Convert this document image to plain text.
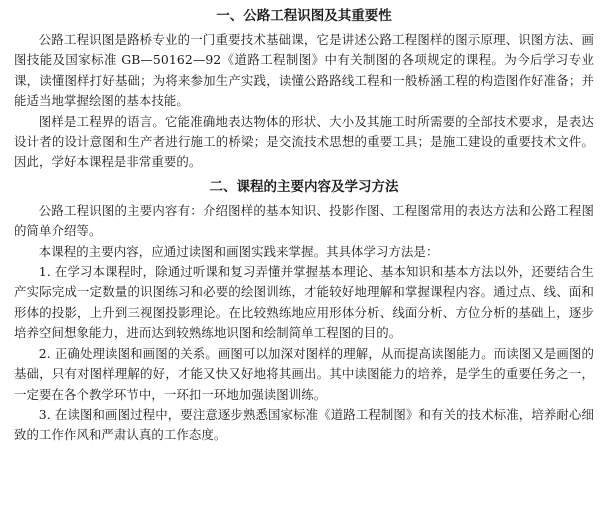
一、公路工程识图及其重要性

公路工程识图是路桥专业的一门重要技术基础课，它是讲述公路工程图样的图示原理、识图方法、画图技能及国家标准 GB—50162—92《道路工程制图》中有关制图的各项规定的课程。为今后学习专业课，读懂图样打好基础；为将来参加生产实践，读懂公路路线工程和一般桥涵工程的构造图作好准备；并能适当地掌握绘图的基本技能。

图样是工程界的语言。它能准确地表达物体的形状、大小及其施工时所需要的全部技术要求，是表达设计者的设计意图和生产者进行施工的桥梁；是交流技术思想的重要工具；是施工建设的重要技术文件。因此，学好本课程是非常重要的。

二、课程的主要内容及学习方法

公路工程识图的主要内容有：介绍图样的基本知识、投影作图、工程图常用的表达方法和公路工程图的简单介绍等。

本课程的主要内容，应通过读图和画图实践来掌握。其具体学习方法是：

1. 在学习本课程时，除通过听课和复习弄懂并掌握基本理论、基本知识和基本方法以外，还要结合生产实际完成一定数量的识图练习和必要的绘图训练，才能较好地理解和掌握课程内容。通过点、线、面和形体的投影，上升到三视图投影理论。在比较熟练地应用形体分析、线面分析、方位分析的基础上，逐步培养空间想象能力，进而达到较熟练地识图和绘制简单工程图的目的。

2. 正确处理读图和画图的关系。画图可以加深对图样的理解，从而提高读图能力。而读图又是画图的基础，只有对图样理解的好，才能又快又好地将其画出。其中读图能力的培养，是学生的重要任务之一，一定要在各个教学环节中，一环扣一环地加强读图训练。

3. 在读图和画图过程中，要注意逐步熟悉国家标准《道路工程制图》和有关的技术标准，培养耐心细致的工作作风和严肃认真的工作态度。
